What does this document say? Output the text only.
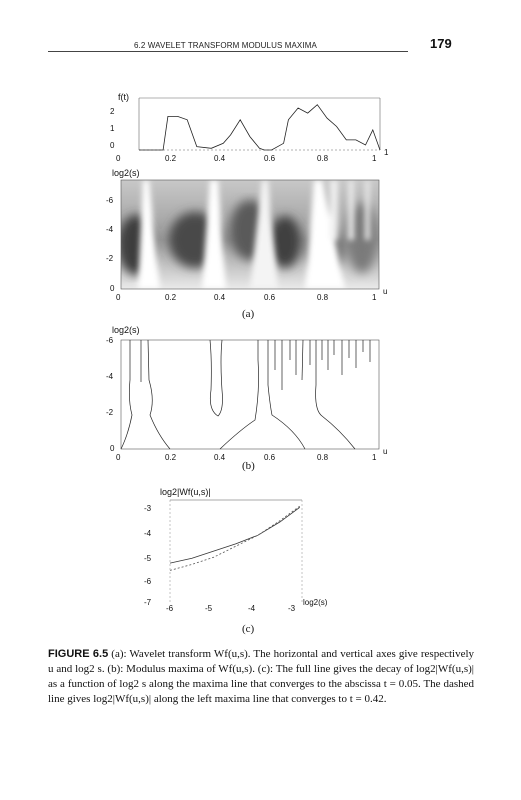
6.2 WAVELET TRANSFORM MODULUS MAXIMA	179
f(t)
2
1
0
1
0	0.2	0.4	0.6	0.8	1
log2(s)
-6
-4
-2
0
0	0.2	0.4	0.6	0.8	1
u
(a)
log2(s)
-6
-4
-2
0
0	0.2	0.4	0.6	0.8	1
u
(b)
log2|Wf(u,s)|
-3
-4
-5
-6
-7
-6	-5	-4	-3
log2(s)
(c)
FIGURE 6.5 (a): Wavelet transform Wf(u,s). The horizontal and vertical axes give respectively u and log2 s. (b): Modulus maxima of Wf(u,s). (c): The full line gives the decay of log2|Wf(u,s)| as a function of log2 s along the maxima line that converges to the abscissa t = 0.05. The dashed line gives log2|Wf(u,s)| along the left maxima line that converges to t = 0.42.
